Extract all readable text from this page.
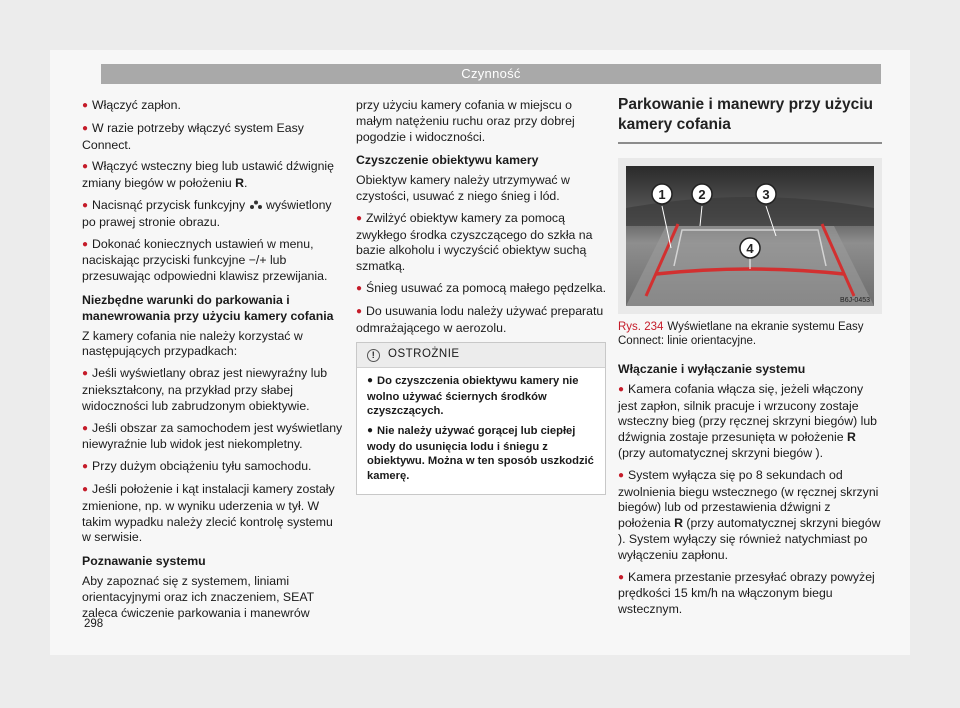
Czynność
● Włączyć zapłon.
● W razie potrzeby włączyć system Easy Connect.
● Włączyć wsteczny bieg lub ustawić dźwignię zmiany biegów w położeniu R.
● Nacisnąć przycisk funkcyjny  wyświetlony po prawej stronie obrazu.
● Dokonać koniecznych ustawień w menu, naciskając przyciski funkcyjne −/+ lub przesuwając odpowiedni klawisz przewijania.
Niezbędne warunki do parkowania i manewrowania przy użyciu kamery cofania

Z kamery cofania nie należy korzystać w następujących przypadkach:

● Jeśli wyświetlany obraz jest niewyraźny lub zniekształcony, na przykład przy słabej widoczności lub zabrudzonym obiektywie.
● Jeśli obszar za samochodem jest wyświetlany niewyraźnie lub widok jest niekompletny.
● Przy dużym obciążeniu tyłu samochodu.
● Jeśli położenie i kąt instalacji kamery zostały zmienione, np. w wyniku uderzenia w tył. W takim wypadku należy zlecić kontrolę systemu w serwisie.
Poznawanie systemu

Aby zapoznać się z systemem, liniami orientacyjnymi oraz ich znaczeniem, SEAT zaleca ćwiczenie parkowania i manewrów

przy użyciu kamery cofania w miejscu o małym natężeniu ruchu oraz przy dobrej pogodzie i widoczności.

Czyszczenie obiektywu kamery

Obiektyw kamery należy utrzymywać w czystości, usuwać z niego śnieg i lód.

● Zwilżyć obiektyw kamery za pomocą zwykłego środka czyszczącego do szkła na bazie alkoholu i wyczyścić obiektyw suchą szmatką.
● Śnieg usuwać za pomocą małego pędzelka.
● Do usuwania lodu należy używać preparatu odmrażającego w aerozolu.
!	OSTROŻNIE
● Do czyszczenia obiektywu kamery nie wolno używać ściernych środków czyszczących.
● Nie należy używać gorącej lub ciepłej wody do usunięcia lodu i śniegu z obiektywu. Można w ten sposób uszkodzić kamerę.
Parkowanie i manewry przy użyciu kamery cofania
1	2	3
4
B6J-0453
Rys. 234 Wyświetlane na ekranie systemu Easy Connect: linie orientacyjne.
Włączanie i wyłączanie systemu
● Kamera cofania włącza się, jeżeli włączony jest zapłon, silnik pracuje i wrzucony zostaje wsteczny bieg (przy ręcznej skrzyni biegów) lub dźwignia zostaje przesunięta w położenie R (przy automatycznej skrzyni biegów ).
● System wyłącza się po 8 sekundach od zwolnienia biegu wstecznego (w ręcznej skrzyni biegów) lub od przestawienia dźwigni z położenia R (przy automatycznej skrzyni biegów ). System wyłączy się również natychmiast po wyłączeniu zapłonu.
● Kamera przestanie przesyłać obrazy powyżej prędkości 15 km/h na włączonym biegu wstecznym.
298
